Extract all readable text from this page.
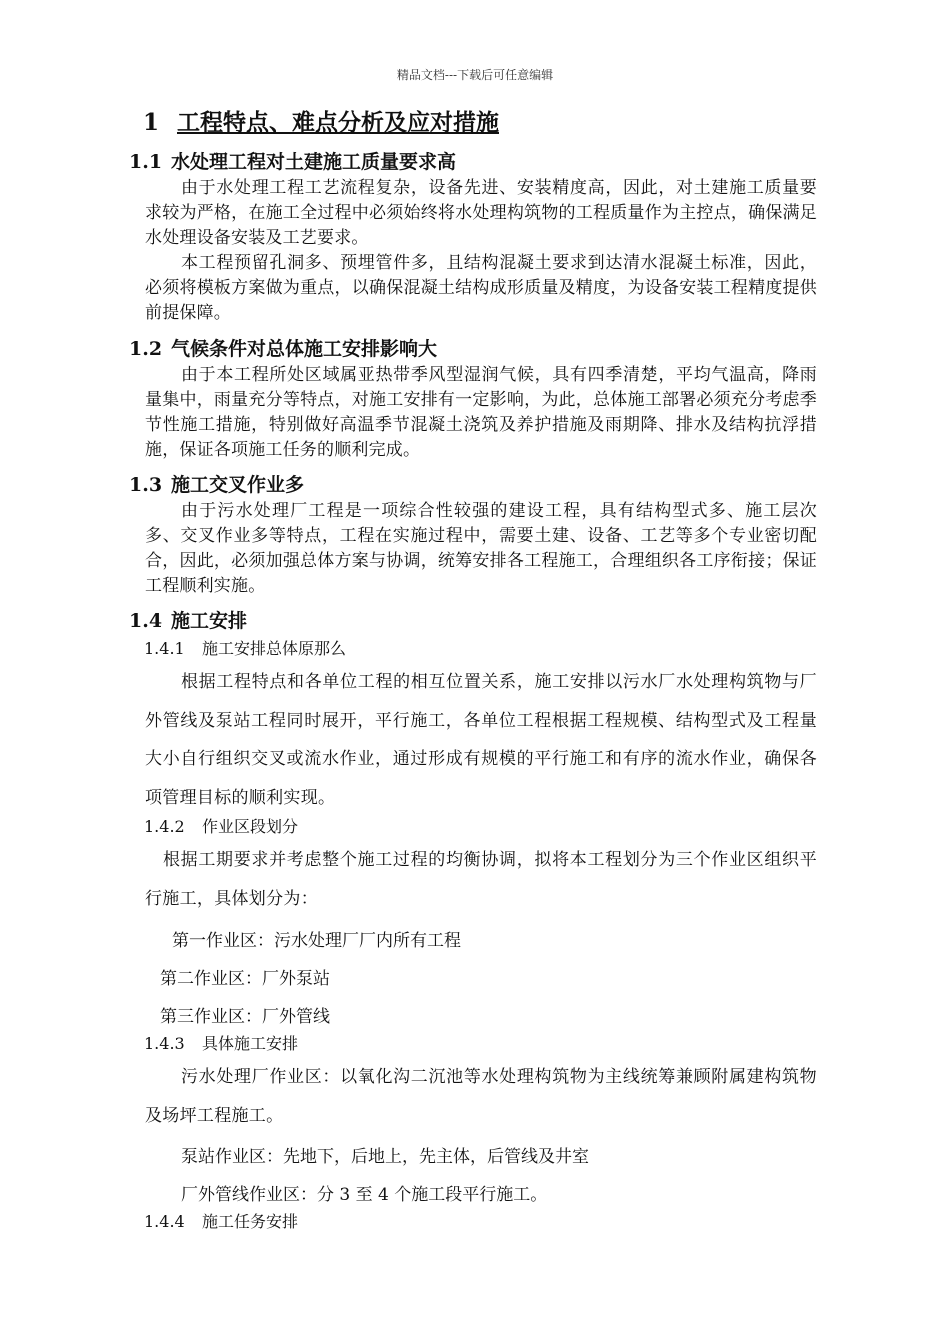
精品文档---下载后可任意编辑
1 工程特点、难点分析及应对措施
1.1 水处理工程对土建施工质量要求高
由于水处理工程工艺流程复杂，设备先进、安装精度高，因此，对土建施工质量要求较为严格，在施工全过程中必须始终将水处理构筑物的工程质量作为主控点，确保满足水处理设备安装及工艺要求。
本工程预留孔洞多、预埋管件多，且结构混凝土要求到达清水混凝土标准，因此，必须将模板方案做为重点，以确保混凝土结构成形质量及精度，为设备安装工程精度提供前提保障。
1.2 气候条件对总体施工安排影响大
由于本工程所处区域属亚热带季风型湿润气候，具有四季清楚，平均气温高，降雨量集中，雨量充分等特点，对施工安排有一定影响，为此，总体施工部署必须充分考虑季节性施工措施，特别做好高温季节混凝土浇筑及养护措施及雨期降、排水及结构抗浮措施，保证各项施工任务的顺利完成。
1.3 施工交叉作业多
由于污水处理厂工程是一项综合性较强的建设工程，具有结构型式多、施工层次多、交叉作业多等特点，工程在实施过程中，需要土建、设备、工艺等多个专业密切配合，因此，必须加强总体方案与协调，统筹安排各工程施工，合理组织各工序衔接；保证工程顺利实施。
1.4 施工安排
1.4.1 施工安排总体原那么
根据工程特点和各单位工程的相互位置关系，施工安排以污水厂水处理构筑物与厂外管线及泵站工程同时展开，平行施工，各单位工程根据工程规模、结构型式及工程量大小自行组织交叉或流水作业，通过形成有规模的平行施工和有序的流水作业，确保各项管理目标的顺利实现。
1.4.2 作业区段划分
根据工期要求并考虑整个施工过程的均衡协调，拟将本工程划分为三个作业区组织平行施工，具体划分为：
第一作业区：污水处理厂厂内所有工程
第二作业区：厂外泵站
第三作业区：厂外管线
1.4.3 具体施工安排
污水处理厂作业区：以氧化沟二沉池等水处理构筑物为主线统筹兼顾附属建构筑物及场坪工程施工。
泵站作业区：先地下，后地上，先主体，后管线及井室
厂外管线作业区：分 3 至 4 个施工段平行施工。
1.4.4 施工任务安排
